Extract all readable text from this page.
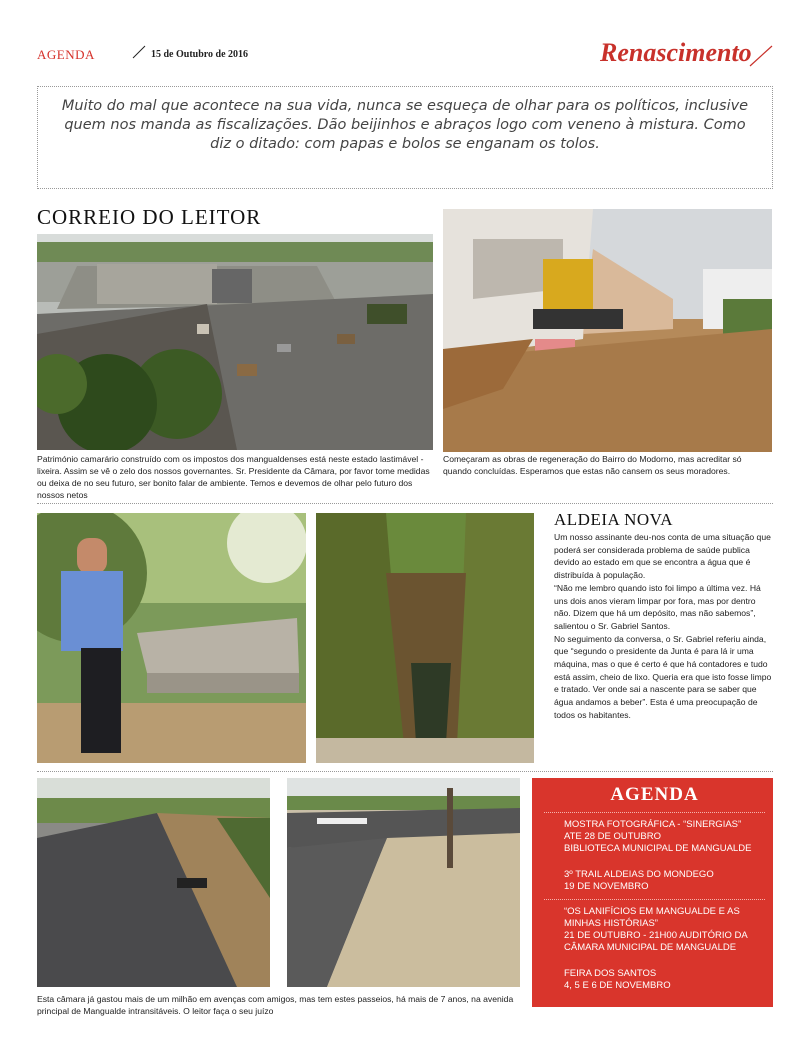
AGENDA	15 de Outubro de 2016	Renascimento
Muito do mal que acontece na sua vida, nunca se esqueça de olhar para os políticos, inclusive quem nos manda as fiscalizações. Dão beijinhos e abraços logo com veneno à mistura. Como diz o ditado: com papas e bolos se enganam os tolos.
CORREIO DO LEITOR
Património camarário construído com os impostos dos mangualdenses está neste estado lastimável - lixeira. Assim se vê o zelo dos nossos governantes. Sr. Presidente da Câmara, por favor tome medidas ou deixa de no seu futuro, ser bonito falar de ambiente. Temos e devemos de olhar pelo futuro dos nossos netos
Começaram as obras de regeneração do Bairro do Modorno, mas acreditar só quando concluídas. Esperamos que estas não cansem os seus moradores.
ALDEIA NOVA

Um nosso assinante deu-nos conta de uma situação que poderá ser considerada problema de saúde publica devido ao estado em que se encontra a água que é distribuída à população.

“Não me lembro quando isto foi limpo a última vez. Há uns dois anos vieram limpar por fora, mas por dentro não. Dizem que há um depósito, mas não sabemos”, salientou o Sr. Gabriel Santos.

No seguimento da conversa, o Sr. Gabriel referiu ainda, que “segundo o presidente da Junta é para lá ir uma máquina, mas o que é certo é que há contadores e tudo está assim, cheio de lixo. Queria era que isto fosse limpo e tratado. Ver onde sai a nascente para se saber que água andamos a beber”. Esta é uma preocupação de todos os habitantes.

Esta câmara já gastou mais de um milhão em avenças com amigos, mas tem estes passeios, há mais de 7 anos, na avenida principal de Mangualde intransitáveis. O leitor faça o seu juízo
AGENDA
MOSTRA FOTOGRÁFICA - “SINERGIAS”
ATE 28 DE OUTUBRO
BIBLIOTECA MUNICIPAL DE MANGUALDE
3º TRAIL ALDEIAS DO MONDEGO
19 DE NOVEMBRO
“OS LANIFÍCIOS EM MANGUALDE E AS MINHAS HISTÓRIAS”
21 DE OUTUBRO - 21H00 AUDITÓRIO DA CÂMARA MUNICIPAL DE MANGUALDE
FEIRA DOS SANTOS
4, 5 E 6 DE NOVEMBRO
